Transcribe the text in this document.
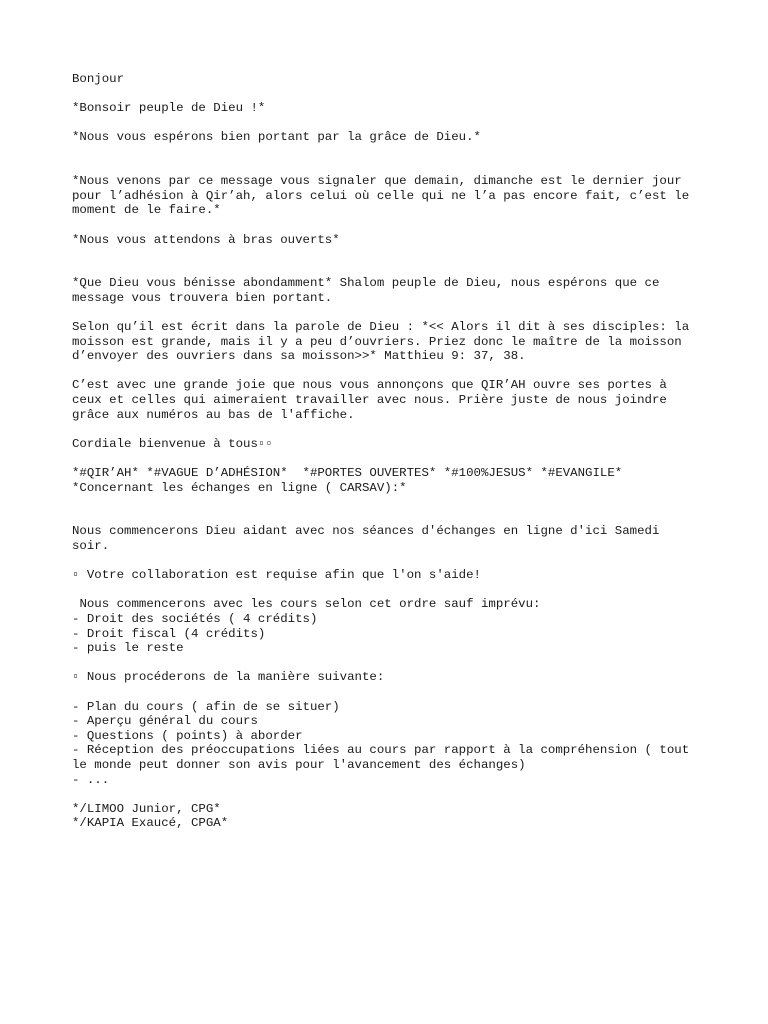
Bonjour
*Bonsoir peuple de Dieu !*
*Nous vous espérons bien portant par la grâce de Dieu.*
*Nous venons par ce message vous signaler que demain, dimanche est le dernier jour
pour l’adhésion à Qir’ah, alors celui où celle qui ne l’a pas encore fait, c’est le
moment de le faire.*
*Nous vous attendons à bras ouverts*
*Que Dieu vous bénisse abondamment* Shalom peuple de Dieu, nous espérons que ce
message vous trouvera bien portant.
Selon qu’il est écrit dans la parole de Dieu : *<< Alors il dit à ses disciples: la
moisson est grande, mais il y a peu d’ouvriers. Priez donc le maître de la moisson
d’envoyer des ouvriers dans sa moisson>>* Matthieu 9: 37, 38.
C’est avec une grande joie que nous vous annonçons que QIR’AH ouvre ses portes à
ceux et celles qui aimeraient travailler avec nous. Prière juste de nous joindre
grâce aux numéros au bas de l'affiche.
Cordiale bienvenue à tous▫▫
*#QIR’AH* *#VAGUE D’ADHÉSION*  *#PORTES OUVERTES* *#100%JESUS* *#EVANGILE*
*Concernant les échanges en ligne ( CARSAV):*
Nous commencerons Dieu aidant avec nos séances d'échanges en ligne d'ici Samedi
soir.
▫ Votre collaboration est requise afin que l'on s'aide!
Nous commencerons avec les cours selon cet ordre sauf imprévu:
- Droit des sociétés ( 4 crédits)
- Droit fiscal (4 crédits)
- puis le reste
▫ Nous procéderons de la manière suivante:
- Plan du cours ( afin de se situer)
- Aperçu général du cours
- Questions ( points) à aborder
- Réception des préoccupations liées au cours par rapport à la compréhension ( tout
le monde peut donner son avis pour l'avancement des échanges)
- ...
*/LIMOO Junior, CPG*
*/KAPIA Exaucé, CPGA*
